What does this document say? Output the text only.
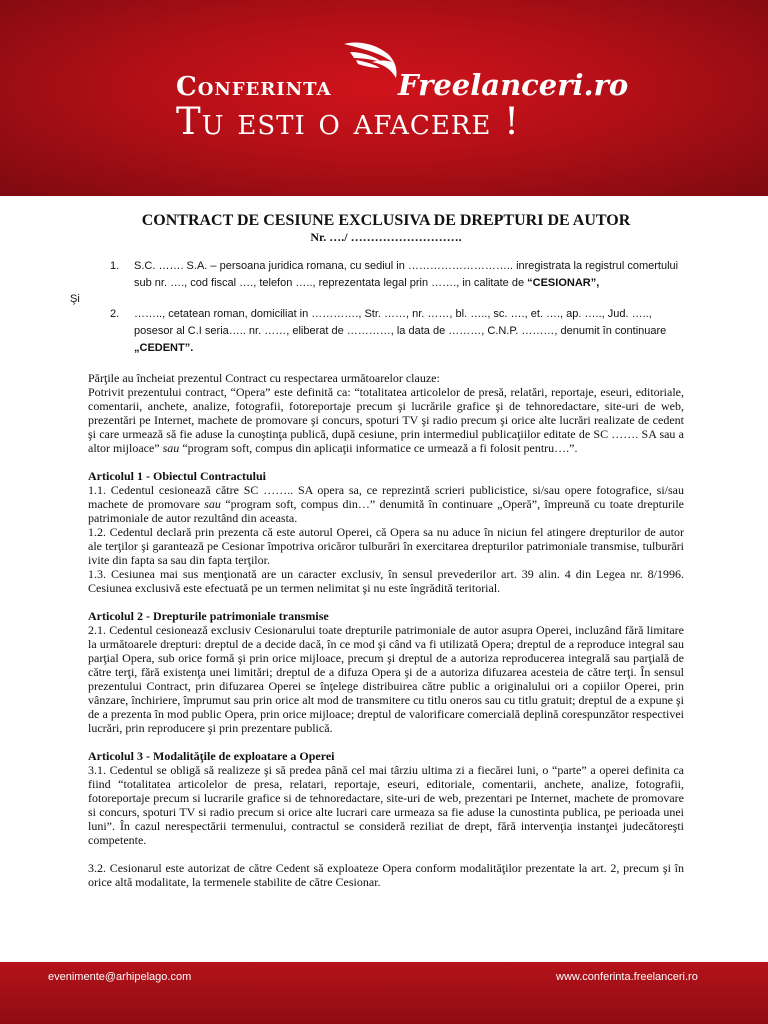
Conferinta Freelanceri.ro
Tu esti o afacere !
CONTRACT DE CESIUNE EXCLUSIVA DE DREPTURI DE AUTOR
Nr. …./ ……………………….
1. S.C. ……. S.A. – persoana juridica romana, cu sediul in ……………………….. inregistrata la registrul comertului sub nr. …., cod fiscal …., telefon ….., reprezentata legal prin ……., in calitate de “CESIONAR”,
Şi
2. …….., cetatean roman, domiciliat in …………., Str. ……, nr. ……, bl. ….., sc. …., et. …., ap. ….., Jud. ….., posesor al C.I seria….. nr. ……, eliberat de …………, la data de ………, C.N.P. ………, denumit în continuare „CEDENT”.
Părţile au încheiat prezentul Contract cu respectarea următoarelor clauze:
Potrivit prezentului contract, “Opera” este definită ca: “totalitatea articolelor de presă, relatări, reportaje, eseuri, editoriale, comentarii, anchete, analize, fotografii, fotoreportaje precum şi lucrările grafice şi de tehnoredactare, site-uri de web, prezentări pe Internet, machete de promovare şi concurs, spoturi TV şi radio precum şi orice alte lucrări realizate de cedent şi care urmează să fie aduse la cunoştinţa publică, după cesiune, prin intermediul publicaţiilor editate de SC ……. SA sau a altor mijloace” sau “program soft, compus din aplicaţii informatice ce urmează a fi folosit pentru….”.
Articolul 1 - Obiectul Contractului
1.1. Cedentul cesionează către SC …….. SA opera sa, ce reprezintă scrieri publicistice, si/sau opere fotografice, si/sau machete de promovare sau “program soft, compus din…” denumită în continuare „Operă”, împreună cu toate drepturile patrimoniale de autor rezultând din aceasta.
1.2. Cedentul declară prin prezenta că este autorul Operei, că Opera sa nu aduce în niciun fel atingere drepturilor de autor ale terţilor şi garantează pe Cesionar împotriva oricăror tulburări în exercitarea drepturilor patrimoniale transmise, tulburări ivite din fapta sa sau din fapta terţilor.
1.3. Cesiunea mai sus menţionată are un caracter exclusiv, în sensul prevederilor art. 39 alin. 4 din Legea nr. 8/1996. Cesiunea exclusivă este efectuată pe un termen nelimitat şi nu este îngrădită teritorial.
Articolul 2 - Drepturile patrimoniale transmise
2.1. Cedentul cesionează exclusiv Cesionarului toate drepturile patrimoniale de autor asupra Operei, incluzând fără limitare la următoarele drepturi: dreptul de a decide dacă, în ce mod şi când va fi utilizată Opera; dreptul de a reproduce integral sau parţial Opera, sub orice formă şi prin orice mijloace, precum şi dreptul de a autoriza reproducerea integrală sau parţială de către terţi, fără existenţa unei limitări; dreptul de a difuza Opera şi de a autoriza difuzarea acesteia de către terţi. În sensul prezentului Contract, prin difuzarea Operei se înţelege distribuirea către public a originalului ori a copiilor Operei, prin vânzare, închiriere, împrumut sau prin orice alt mod de transmitere cu titlu oneros sau cu titlu gratuit; dreptul de a expune şi de a prezenta în mod public Opera, prin orice mijloace; dreptul de valorificare comercială deplină corespunzător respectivei lucrări, prin reproducere şi prin prezentare publică.
Articolul 3 - Modalităţile de exploatare a Operei
3.1. Cedentul se obligă să realizeze şi să predea până cel mai târziu ultima zi a fiecărei luni, o “parte” a operei definita ca fiind “totalitatea articolelor de presa, relatari, reportaje, eseuri, editoriale, comentarii, anchete, analize, fotografii, fotoreportaje precum si lucrarile grafice si de tehnoredactare, site-uri de web, prezentari pe Internet, machete de promovare si concurs, spoturi TV si radio precum si orice alte lucrari care urmeaza sa fie aduse la cunostinta publica, pe perioada unei luni”. În cazul nerespectării termenului, contractul se consideră reziliat de drept, fără intervenţia instanţei judecătoreşti competente.
3.2. Cesionarul este autorizat de către Cedent să exploateze Opera conform modalităţilor prezentate la art. 2, precum şi în orice altă modalitate, la termenele stabilite de către Cesionar.
evenimente@arhipelago.com	www.conferinta.freelanceri.ro
